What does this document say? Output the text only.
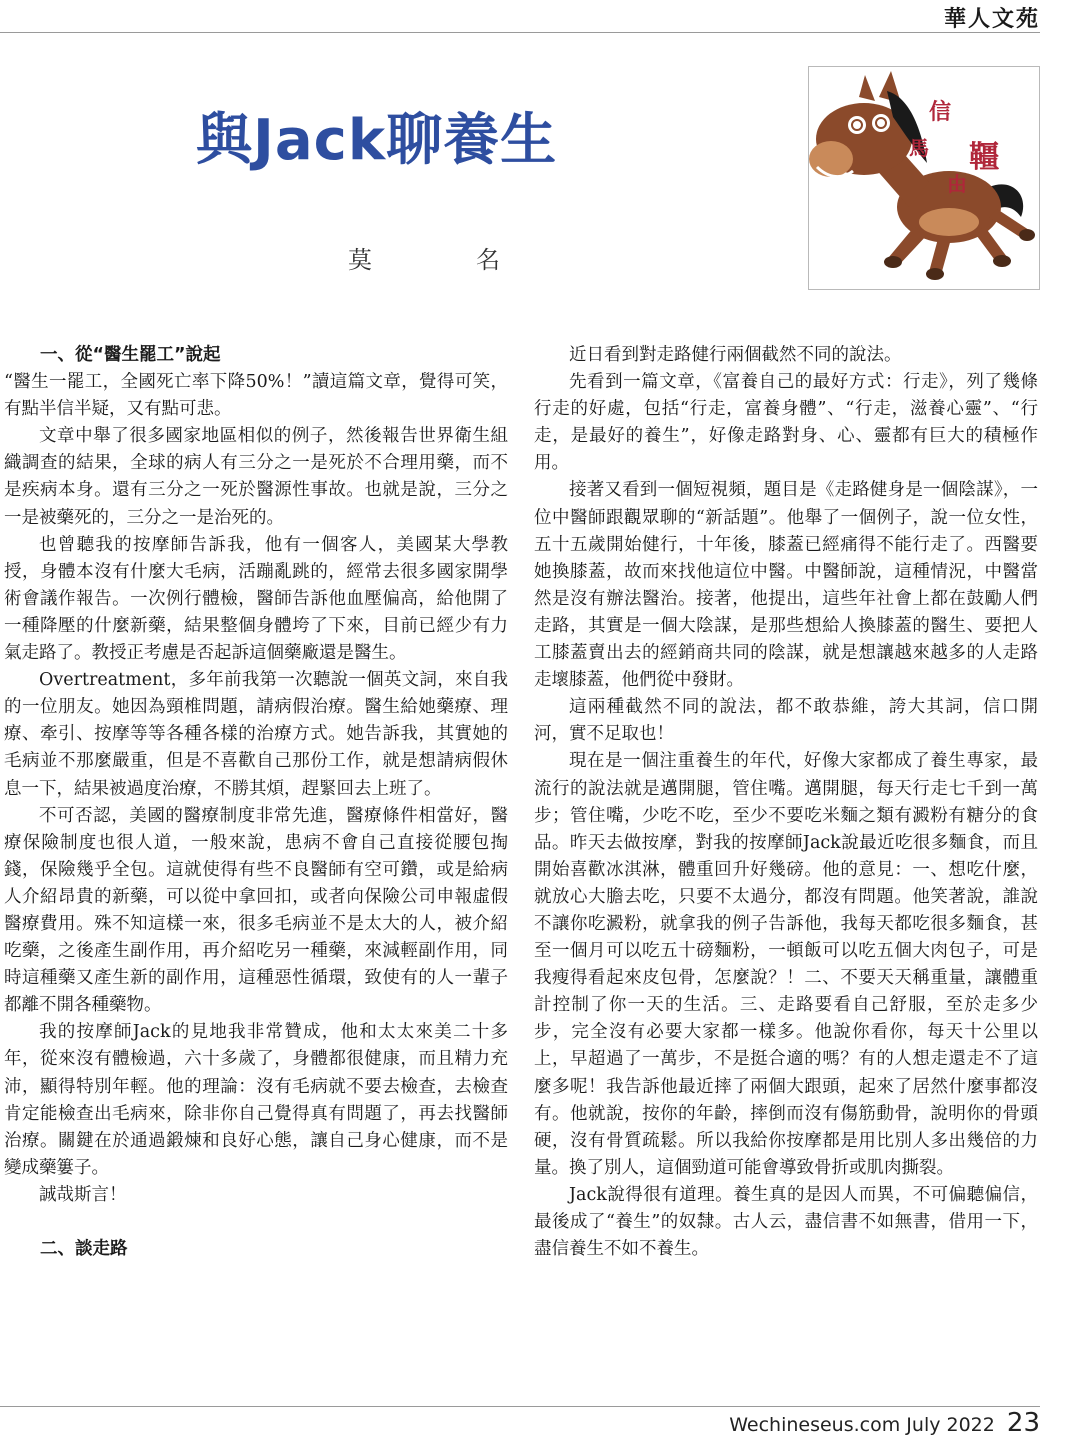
華人文苑
與Jack聊養生
莫　名
信
馬
由
韁
一、從“醫生罷工”說起

“醫生一罷工，全國死亡率下降50%！”讀這篇文章，覺得可笑，有點半信半疑，又有點可悲。

文章中舉了很多國家地區相似的例子，然後報告世界衛生組織調查的結果，全球的病人有三分之一是死於不合理用藥，而不是疾病本身。還有三分之一死於醫源性事故。也就是說，三分之一是被藥死的，三分之一是治死的。

也曾聽我的按摩師告訴我，他有一個客人，美國某大學教授，身體本沒有什麼大毛病，活蹦亂跳的，經常去很多國家開學術會議作報告。一次例行體檢，醫師告訴他血壓偏高，給他開了一種降壓的什麼新藥，結果整個身體垮了下來，目前已經少有力氣走路了。教授正考慮是否起訴這個藥廠還是醫生。

Overtreatment，多年前我第一次聽說一個英文詞，來自我的一位朋友。她因為頸椎問題，請病假治療。醫生給她藥療、理療、牽引、按摩等等各種各樣的治療方式。她告訴我，其實她的毛病並不那麼嚴重，但是不喜歡自己那份工作，就是想請病假休息一下，結果被過度治療，不勝其煩，趕緊回去上班了。

不可否認，美國的醫療制度非常先進，醫療條件相當好，醫療保險制度也很人道，一般來說，患病不會自己直接從腰包掏錢，保險幾乎全包。這就使得有些不良醫師有空可鑽，或是給病人介紹昂貴的新藥，可以從中拿回扣，或者向保險公司申報虛假醫療費用。殊不知這樣一來，很多毛病並不是太大的人，被介紹吃藥，之後產生副作用，再介紹吃另一種藥，來減輕副作用，同時這種藥又產生新的副作用，這種惡性循環，致使有的人一輩子都離不開各種藥物。

我的按摩師Jack的見地我非常贊成，他和太太來美二十多年，從來沒有體檢過，六十多歲了，身體都很健康，而且精力充沛，顯得特別年輕。他的理論：沒有毛病就不要去檢查，去檢查肯定能檢查出毛病來，除非你自己覺得真有問題了，再去找醫師治療。關鍵在於通過鍛煉和良好心態，讓自己身心健康，而不是變成藥簍子。

誠哉斯言！

二、談走路

近日看到對走路健行兩個截然不同的說法。

先看到一篇文章，《富養自己的最好方式：行走》，列了幾條行走的好處，包括“行走，富養身體”、“行走，滋養心靈”、“行走，是最好的養生”，好像走路對身、心、靈都有巨大的積極作用。

接著又看到一個短視頻，題目是《走路健身是一個陰謀》，一位中醫師跟觀眾聊的“新話題”。他舉了一個例子，說一位女性，五十五歲開始健行，十年後，膝蓋已經痛得不能行走了。西醫要她換膝蓋，故而來找他這位中醫。中醫師說，這種情況，中醫當然是沒有辦法醫治。接著，他提出，這些年社會上都在鼓勵人們走路，其實是一個大陰謀，是那些想給人換膝蓋的醫生、要把人工膝蓋賣出去的經銷商共同的陰謀，就是想讓越來越多的人走路走壞膝蓋，他們從中發財。

這兩種截然不同的說法，都不敢恭維，誇大其詞，信口開河，實不足取也！

現在是一個注重養生的年代，好像大家都成了養生專家，最流行的說法就是邁開腿，管住嘴。邁開腿，每天行走七千到一萬步；管住嘴，少吃不吃，至少不要吃米麵之類有澱粉有糖分的食品。昨天去做按摩，對我的按摩師Jack說最近吃很多麵食，而且開始喜歡冰淇淋，體重回升好幾磅。他的意見：一、想吃什麼，就放心大膽去吃，只要不太過分，都沒有問題。他笑著說，誰說不讓你吃澱粉，就拿我的例子告訴他，我每天都吃很多麵食，甚至一個月可以吃五十磅麵粉，一頓飯可以吃五個大肉包子，可是我瘦得看起來皮包骨，怎麼說？！二、不要天天稱重量，讓體重計控制了你一天的生活。三、走路要看自己舒服，至於走多少步，完全沒有必要大家都一樣多。他說你看你，每天十公里以上，早超過了一萬步，不是挺合適的嗎？有的人想走還走不了這麼多呢！我告訴他最近摔了兩個大跟頭，起來了居然什麼事都沒有。他就說，按你的年齡，摔倒而沒有傷筋動骨，說明你的骨頭硬，沒有骨質疏鬆。所以我給你按摩都是用比別人多出幾倍的力量。換了別人，這個勁道可能會導致骨折或肌肉撕裂。

Jack說得很有道理。養生真的是因人而異，不可偏聽偏信，最後成了“養生”的奴隸。古人云，盡信書不如無書，借用一下，盡信養生不如不養生。

Wechineseus.com July 2022 23
